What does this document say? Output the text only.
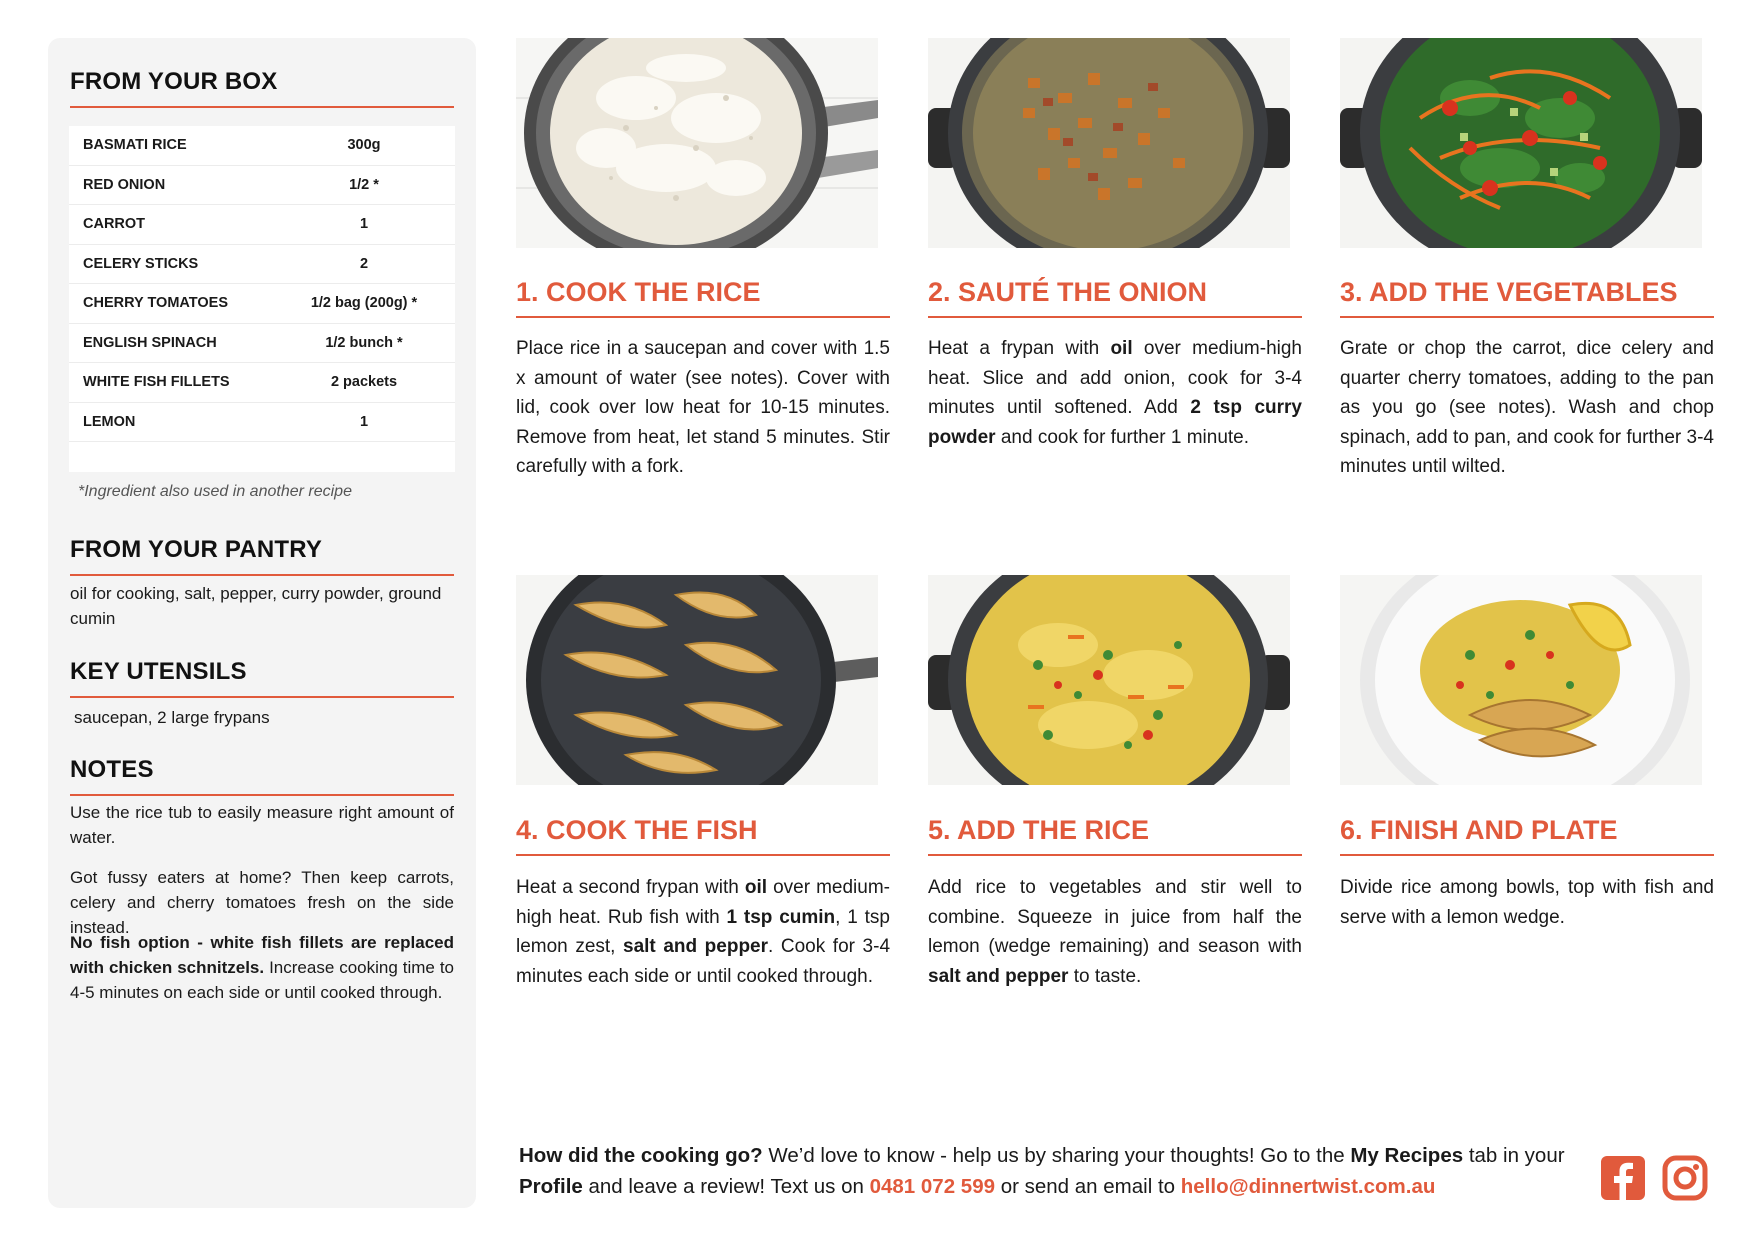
FROM YOUR BOX
BASMATI RICE	300g
RED ONION	1/2 *
CARROT	1
CELERY STICKS	2
CHERRY TOMATOES	1/2 bag (200g) *
ENGLISH SPINACH	1/2 bunch *
WHITE FISH FILLETS	2 packets
LEMON	1
*Ingredient also used in another recipe
FROM YOUR PANTRY
oil for cooking, salt, pepper, curry powder, ground cumin
KEY UTENSILS
saucepan, 2 large frypans
NOTES
Use the rice tub to easily measure right amount of water.
Got fussy eaters at home? Then keep carrots, celery and cherry tomatoes fresh on the side instead.
No fish option - white fish fillets are replaced with chicken schnitzels. Increase cooking time to 4-5 minutes on each side or until cooked through.
1. COOK THE RICE
Place rice in a saucepan and cover with 1.5 x amount of water (see notes). Cover with lid, cook over low heat for 10-15 minutes. Remove from heat, let stand 5 minutes. Stir carefully with a fork.
2. SAUTÉ THE ONION
Heat a frypan with oil over medium-high heat. Slice and add onion, cook for 3-4 minutes until softened. Add 2 tsp curry powder and cook for further 1 minute.
3. ADD THE VEGETABLES
Grate or chop the carrot, dice celery and quarter cherry tomatoes, adding to the pan as you go (see notes). Wash and chop spinach, add to pan, and cook for further 3-4 minutes until wilted.
4. COOK THE FISH
Heat a second frypan with oil over medium-high heat. Rub fish with 1 tsp cumin, 1 tsp lemon zest, salt and pepper. Cook for 3-4 minutes each side or until cooked through.
5. ADD THE RICE
Add rice to vegetables and stir well to combine. Squeeze in juice from half the lemon (wedge remaining) and season with salt and pepper to taste.
6. FINISH AND PLATE
Divide rice among bowls, top with fish and serve with a lemon wedge.
How did the cooking go? We’d love to know - help us by sharing your thoughts! Go to the My Recipes tab in your Profile and leave a review! Text us on 0481 072 599 or send an email to hello@dinnertwist.com.au
